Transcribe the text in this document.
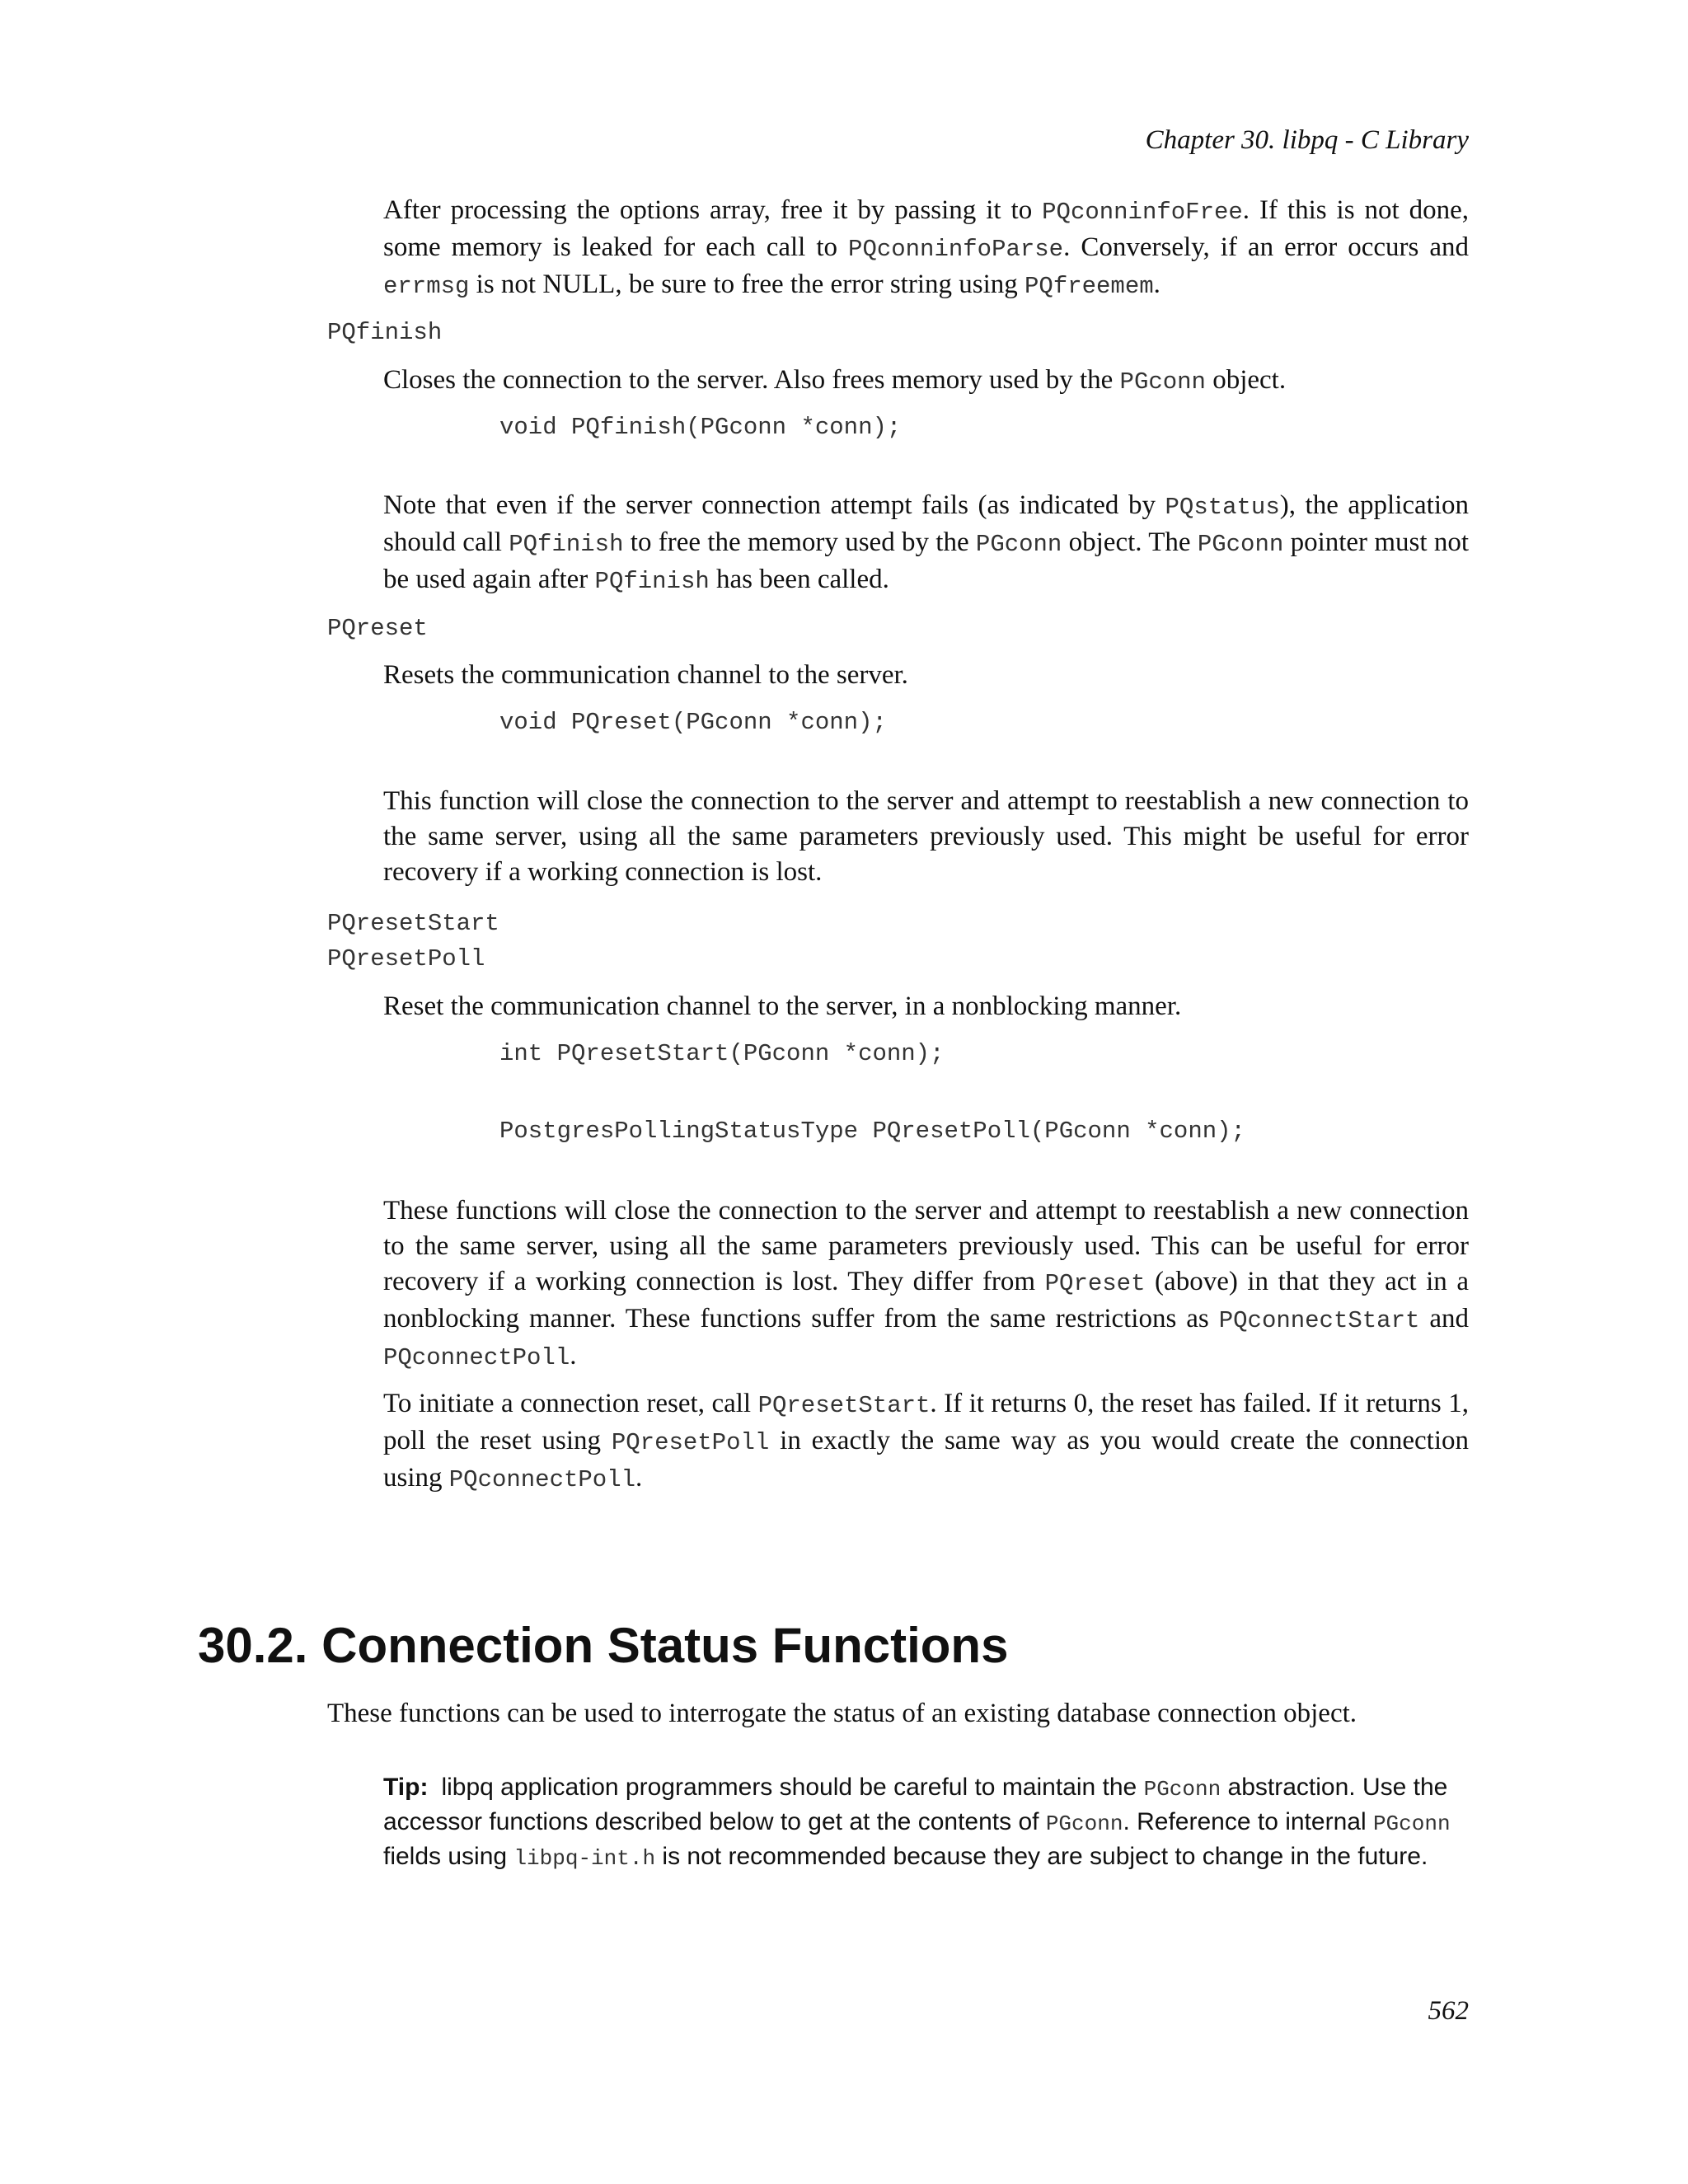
Chapter 30. libpq - C Library

After processing the options array, free it by passing it to PQconninfoFree. If this is not done, some memory is leaked for each call to PQconninfoParse. Conversely, if an error occurs and errmsg is not NULL, be sure to free the error string using PQfreemem.

PQfinish

Closes the connection to the server. Also frees memory used by the PGconn object.

void PQfinish(PGconn *conn);

Note that even if the server connection attempt fails (as indicated by PQstatus), the application should call PQfinish to free the memory used by the PGconn object. The PGconn pointer must not be used again after PQfinish has been called.

PQreset

Resets the communication channel to the server.

void PQreset(PGconn *conn);

This function will close the connection to the server and attempt to reestablish a new connection to the same server, using all the same parameters previously used. This might be useful for error recovery if a working connection is lost.

PQresetStart
PQresetPoll

Reset the communication channel to the server, in a nonblocking manner.

int PQresetStart(PGconn *conn);
PostgresPollingStatusType PQresetPoll(PGconn *conn);

These functions will close the connection to the server and attempt to reestablish a new connection to the same server, using all the same parameters previously used. This can be useful for error recovery if a working connection is lost. They differ from PQreset (above) in that they act in a nonblocking manner. These functions suffer from the same restrictions as PQconnectStart and PQconnectPoll.

To initiate a connection reset, call PQresetStart. If it returns 0, the reset has failed. If it returns 1, poll the reset using PQresetPoll in exactly the same way as you would create the connection using PQconnectPoll.

30.2. Connection Status Functions

These functions can be used to interrogate the status of an existing database connection object.

Tip: libpq application programmers should be careful to maintain the PGconn abstraction. Use the accessor functions described below to get at the contents of PGconn. Reference to internal PGconn fields using libpq-int.h is not recommended because they are subject to change in the future.

562
